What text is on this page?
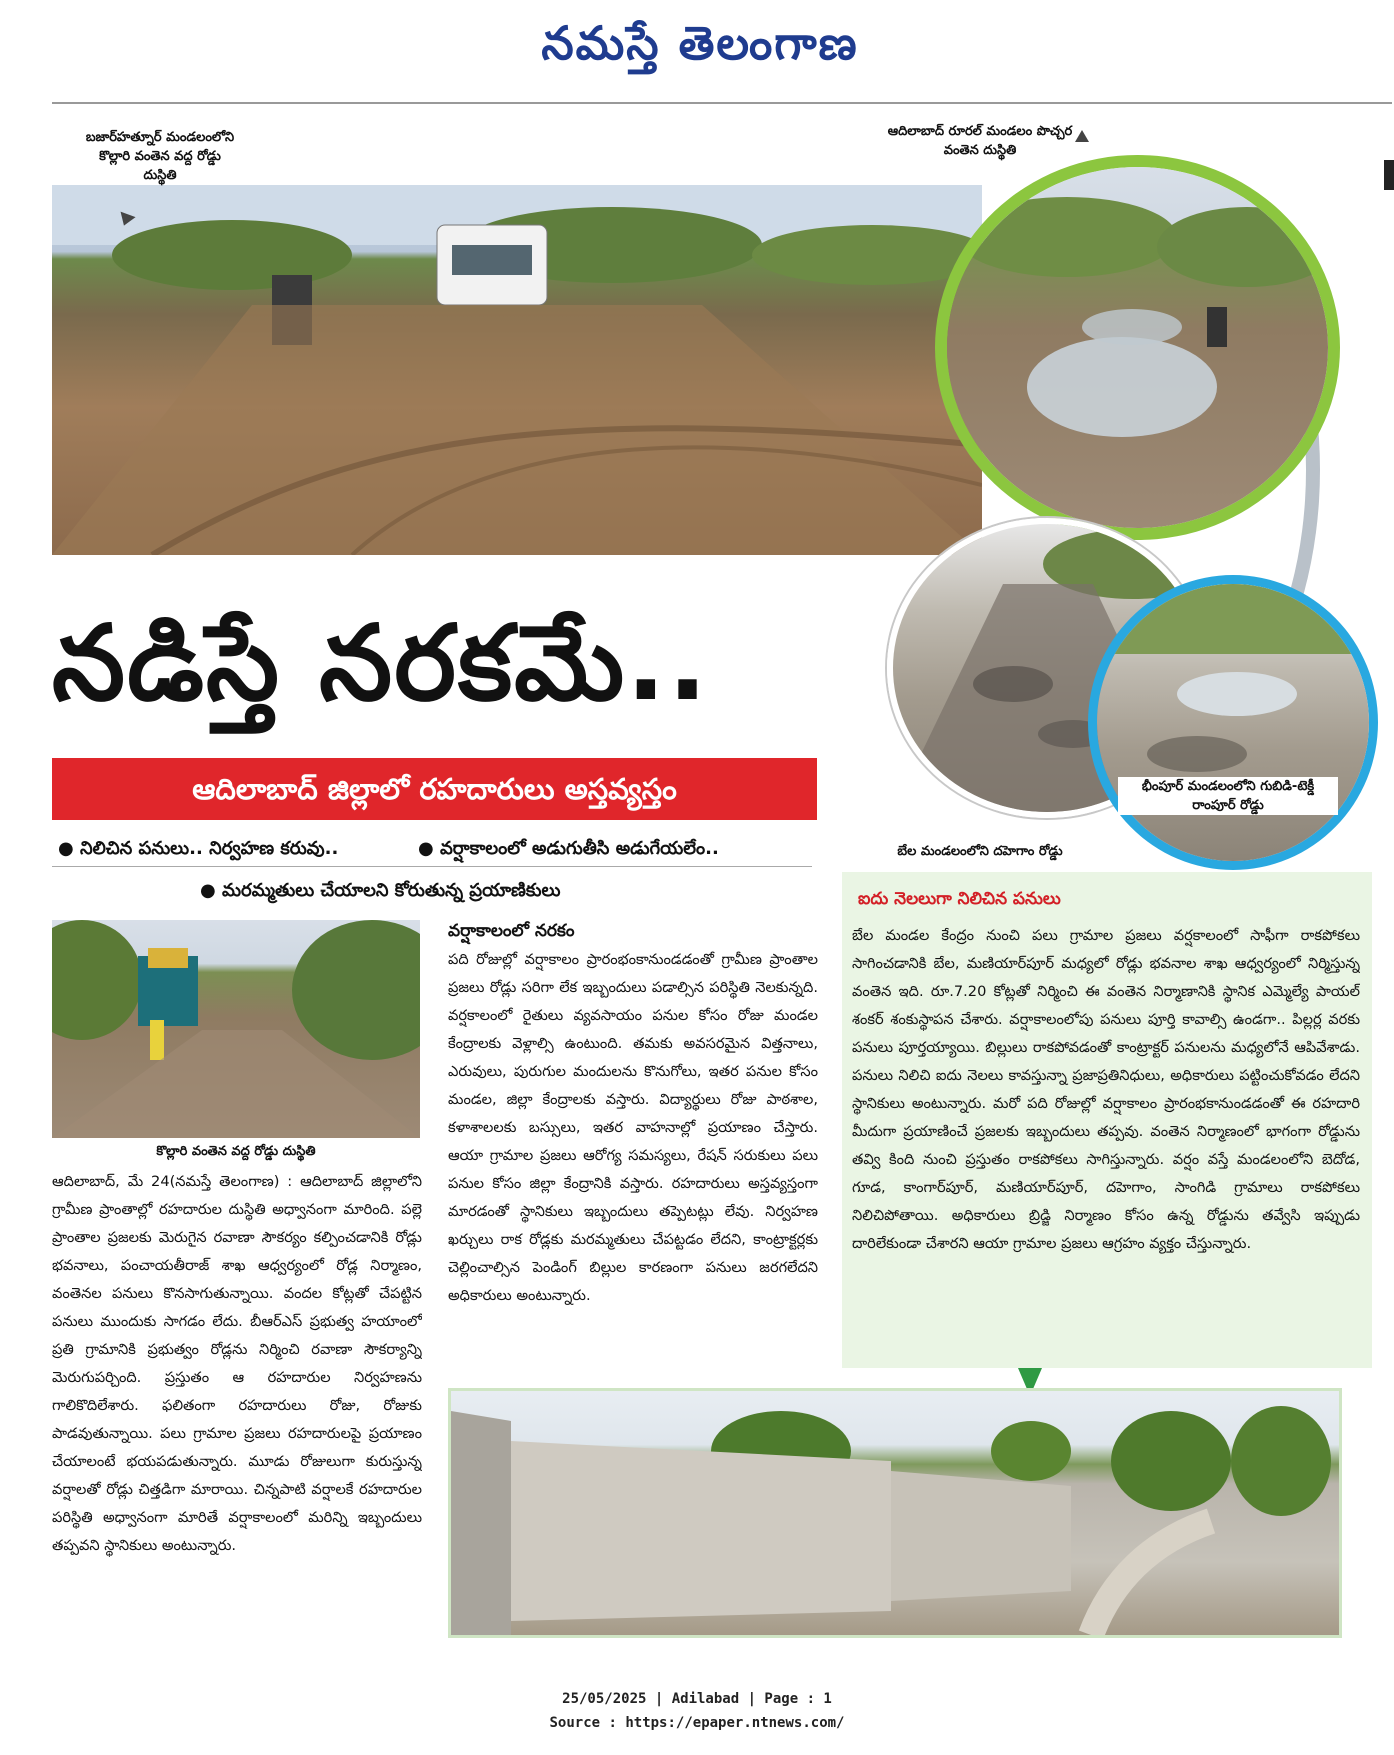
నమస్తే తెలంగాణ
బజార్‌హత్నూర్ మండలంలోని కొల్లారి వంతెన వద్ద రోడ్డు దుస్థితి
ఆదిలాబాద్ రూరల్ మండలం పొచ్చర వంతెన దుస్థితి
భీంపూర్ మండలంలోని గుబిడి-టెక్డీ రాంపూర్ రోడ్డు
నడిస్తే నరకమే..
ఆదిలాబాద్ జిల్లాలో రహదారులు అస్తవ్యస్తం
బేల మండలంలోని దహెగాం రోడ్డు
● నిలిచిన పనులు.. నిర్వహణ కరువు..	● వర్షాకాలంలో అడుగుతీసి అడుగేయలేం..
● మరమ్మతులు చేయాలని కోరుతున్న ప్రయాణికులు
కొల్లారి వంతెన వద్ద రోడ్డు దుస్థితి
ఆదిలాబాద్, మే 24(నమస్తే తెలంగాణ) : ఆదిలాబాద్ జిల్లాలోని గ్రామీణ ప్రాంతాల్లో రహదారుల దుస్థితి అధ్వానంగా మారింది. పల్లె ప్రాంతాల ప్రజలకు మెరుగైన రవాణా సౌకర్యం కల్పించడానికి రోడ్లు భవనాలు, పంచాయతీరాజ్ శాఖ ఆధ్వర్యంలో రోడ్ల నిర్మాణం, వంతెనల పనులు కొనసాగుతున్నాయి. వందల కోట్లతో చేపట్టిన పనులు ముందుకు సాగడం లేదు. బీఆర్‌ఎస్ ప్రభుత్వ హయాంలో ప్రతి గ్రామానికి ప్రభుత్వం రోడ్లను నిర్మించి రవాణా సౌకర్యాన్ని మెరుగుపర్చింది. ప్రస్తుతం ఆ రహదారుల నిర్వహణను గాలికొదిలేశారు. ఫలితంగా రహదారులు రోజు, రోజుకు పాడవుతున్నాయి. పలు గ్రామాల ప్రజలు రహదారులపై ప్రయాణం చేయాలంటే భయపడుతున్నారు. మూడు రోజులుగా కురుస్తున్న వర్షాలతో రోడ్లు చిత్తడిగా మారాయి. చిన్నపాటి వర్షాలకే రహదారుల పరిస్థితి అధ్వానంగా మారితే వర్షాకాలంలో మరిన్ని ఇబ్బందులు తప్పవని స్థానికులు అంటున్నారు.
వర్షాకాలంలో నరకం
పది రోజుల్లో వర్షాకాలం ప్రారంభంకానుండడంతో గ్రామీణ ప్రాంతాల ప్రజలు రోడ్లు సరిగా లేక ఇబ్బందులు పడాల్సిన పరిస్థితి నెలకున్నది. వర్షకాలంలో రైతులు వ్యవసాయం పనుల కోసం రోజు మండల కేంద్రాలకు వెళ్లాల్సి ఉంటుంది. తమకు అవసరమైన విత్తనాలు, ఎరువులు, పురుగుల మందులను కొనుగోలు, ఇతర పనుల కోసం మండల, జిల్లా కేంద్రాలకు వస్తారు. విద్యార్థులు రోజు పాఠశాల, కళాశాలలకు బస్సులు, ఇతర వాహనాల్లో ప్రయాణం చేస్తారు. ఆయా గ్రామాల ప్రజలు ఆరోగ్య సమస్యలు, రేషన్ సరుకులు పలు పనుల కోసం జిల్లా కేంద్రానికి వస్తారు. రహదారులు అస్తవ్యస్తంగా మారడంతో స్థానికులు ఇబ్బందులు తప్పెటట్లు లేవు. నిర్వహణ ఖర్చులు రాక రోడ్లకు మరమ్మతులు చేపట్టడం లేదని, కాంట్రాక్టర్లకు చెల్లించాల్సిన పెండింగ్ బిల్లుల కారణంగా పనులు జరగలేదని అధికారులు అంటున్నారు.
ఐదు నెలలుగా నిలిచిన పనులు
బేల మండల కేంద్రం నుంచి పలు గ్రామాల ప్రజలు వర్షకాలంలో సాఫీగా రాకపోకలు సాగించడానికి బేల, మణియార్‌పూర్ మధ్యలో రోడ్లు భవనాల శాఖ ఆధ్వర్యంలో నిర్మిస్తున్న వంతెన ఇది. రూ.7.20 కోట్లతో నిర్మించి ఈ వంతెన నిర్మాణానికి స్థానిక ఎమ్మెల్యే పాయల్ శంకర్ శంకుస్థాపన చేశారు. వర్షాకాలంలోపు పనులు పూర్తి కావాల్సి ఉండగా.. పిల్లర్ల వరకు పనులు పూర్తయ్యాయి. బిల్లులు రాకపోవడంతో కాంట్రాక్టర్ పనులను మధ్యలోనే ఆపివేశాడు. పనులు నిలిచి ఐదు నెలలు కావస్తున్నా ప్రజాప్రతినిధులు, అధికారులు పట్టించుకోవడం లేదని స్థానికులు అంటున్నారు. మరో పది రోజుల్లో వర్షాకాలం ప్రారంభకానుండడంతో ఈ రహదారి మీదుగా ప్రయాణించే ప్రజలకు ఇబ్బందులు తప్పవు. వంతెన నిర్మాణంలో భాగంగా రోడ్డును తవ్వి కింది నుంచి ప్రస్తుతం రాకపోకలు సాగిస్తున్నారు. వర్షం వస్తే మండలంలోని బెదోడ, గూడ, కాంగార్‌పూర్, మణియార్‌పూర్, దహెగాం, సాంగిడి గ్రామాలు రాకపోకలు నిలిచిపోతాయి. అధికారులు బ్రిడ్జి నిర్మాణం కోసం ఉన్న రోడ్డును తవ్వేసి ఇప్పుడు దారిలేకుండా చేశారని ఆయా గ్రామాల ప్రజలు ఆగ్రహం వ్యక్తం చేస్తున్నారు.
25/05/2025 | Adilabad | Page : 1
Source : https://epaper.ntnews.com/
